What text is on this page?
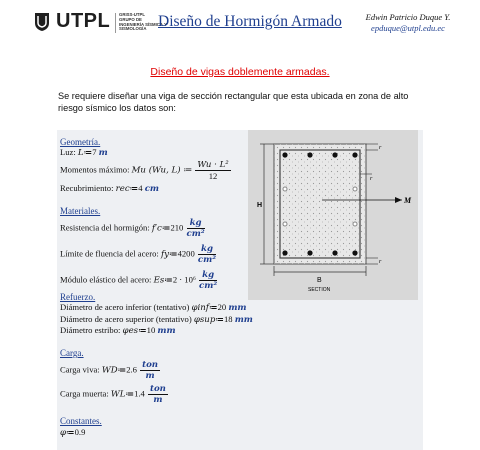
UTPL GRISS-UTPL
GRUPO DE
INGENIERÍA SÍSMICA Y
SISMOLOGÍA Diseño de Hormigón Armado	Edwin Patricio Duque Y.
epduque@utpl.edu.ec
Diseño de vigas doblemente armadas.
Se requiere diseñar una viga de sección rectangular que esta ubicada en zona de alto riesgo sísmico los datos son:
Geometría.
Luz: L≔7 m
Momentos máximo: Mu (Wu, L) ≔ $\frac{\text{Wu · L²}}{12}$
Recubrimiento: rec≔4 cm
Materiales.
Resistencia del hormigón: f′c≔210 $\frac{kg}{\text{cm²}}$
Límite de fluencia del acero: fy≔4200 $\frac{kg}{\text{cm²}}$
Módulo elástico del acero: Es≔2 · $10^6 \frac{kg}{\text{cm²}}$
Refuerzo.
Diámetro de acero inferior (tentativo) φinf≔20 mm
Diámetro de acero superior (tentativo) φsup≔18 mm
Diámetro estribo: φes≔10 mm
Carga.
Carga viva: WD≔2.6 $\frac{\text{ton}}{m}$
Carga muerta: WL≔1.4 $\frac{\text{ton}}{m}$
Constantes.
φ≔0.9
H
B
SECTION
r
r
r
M
